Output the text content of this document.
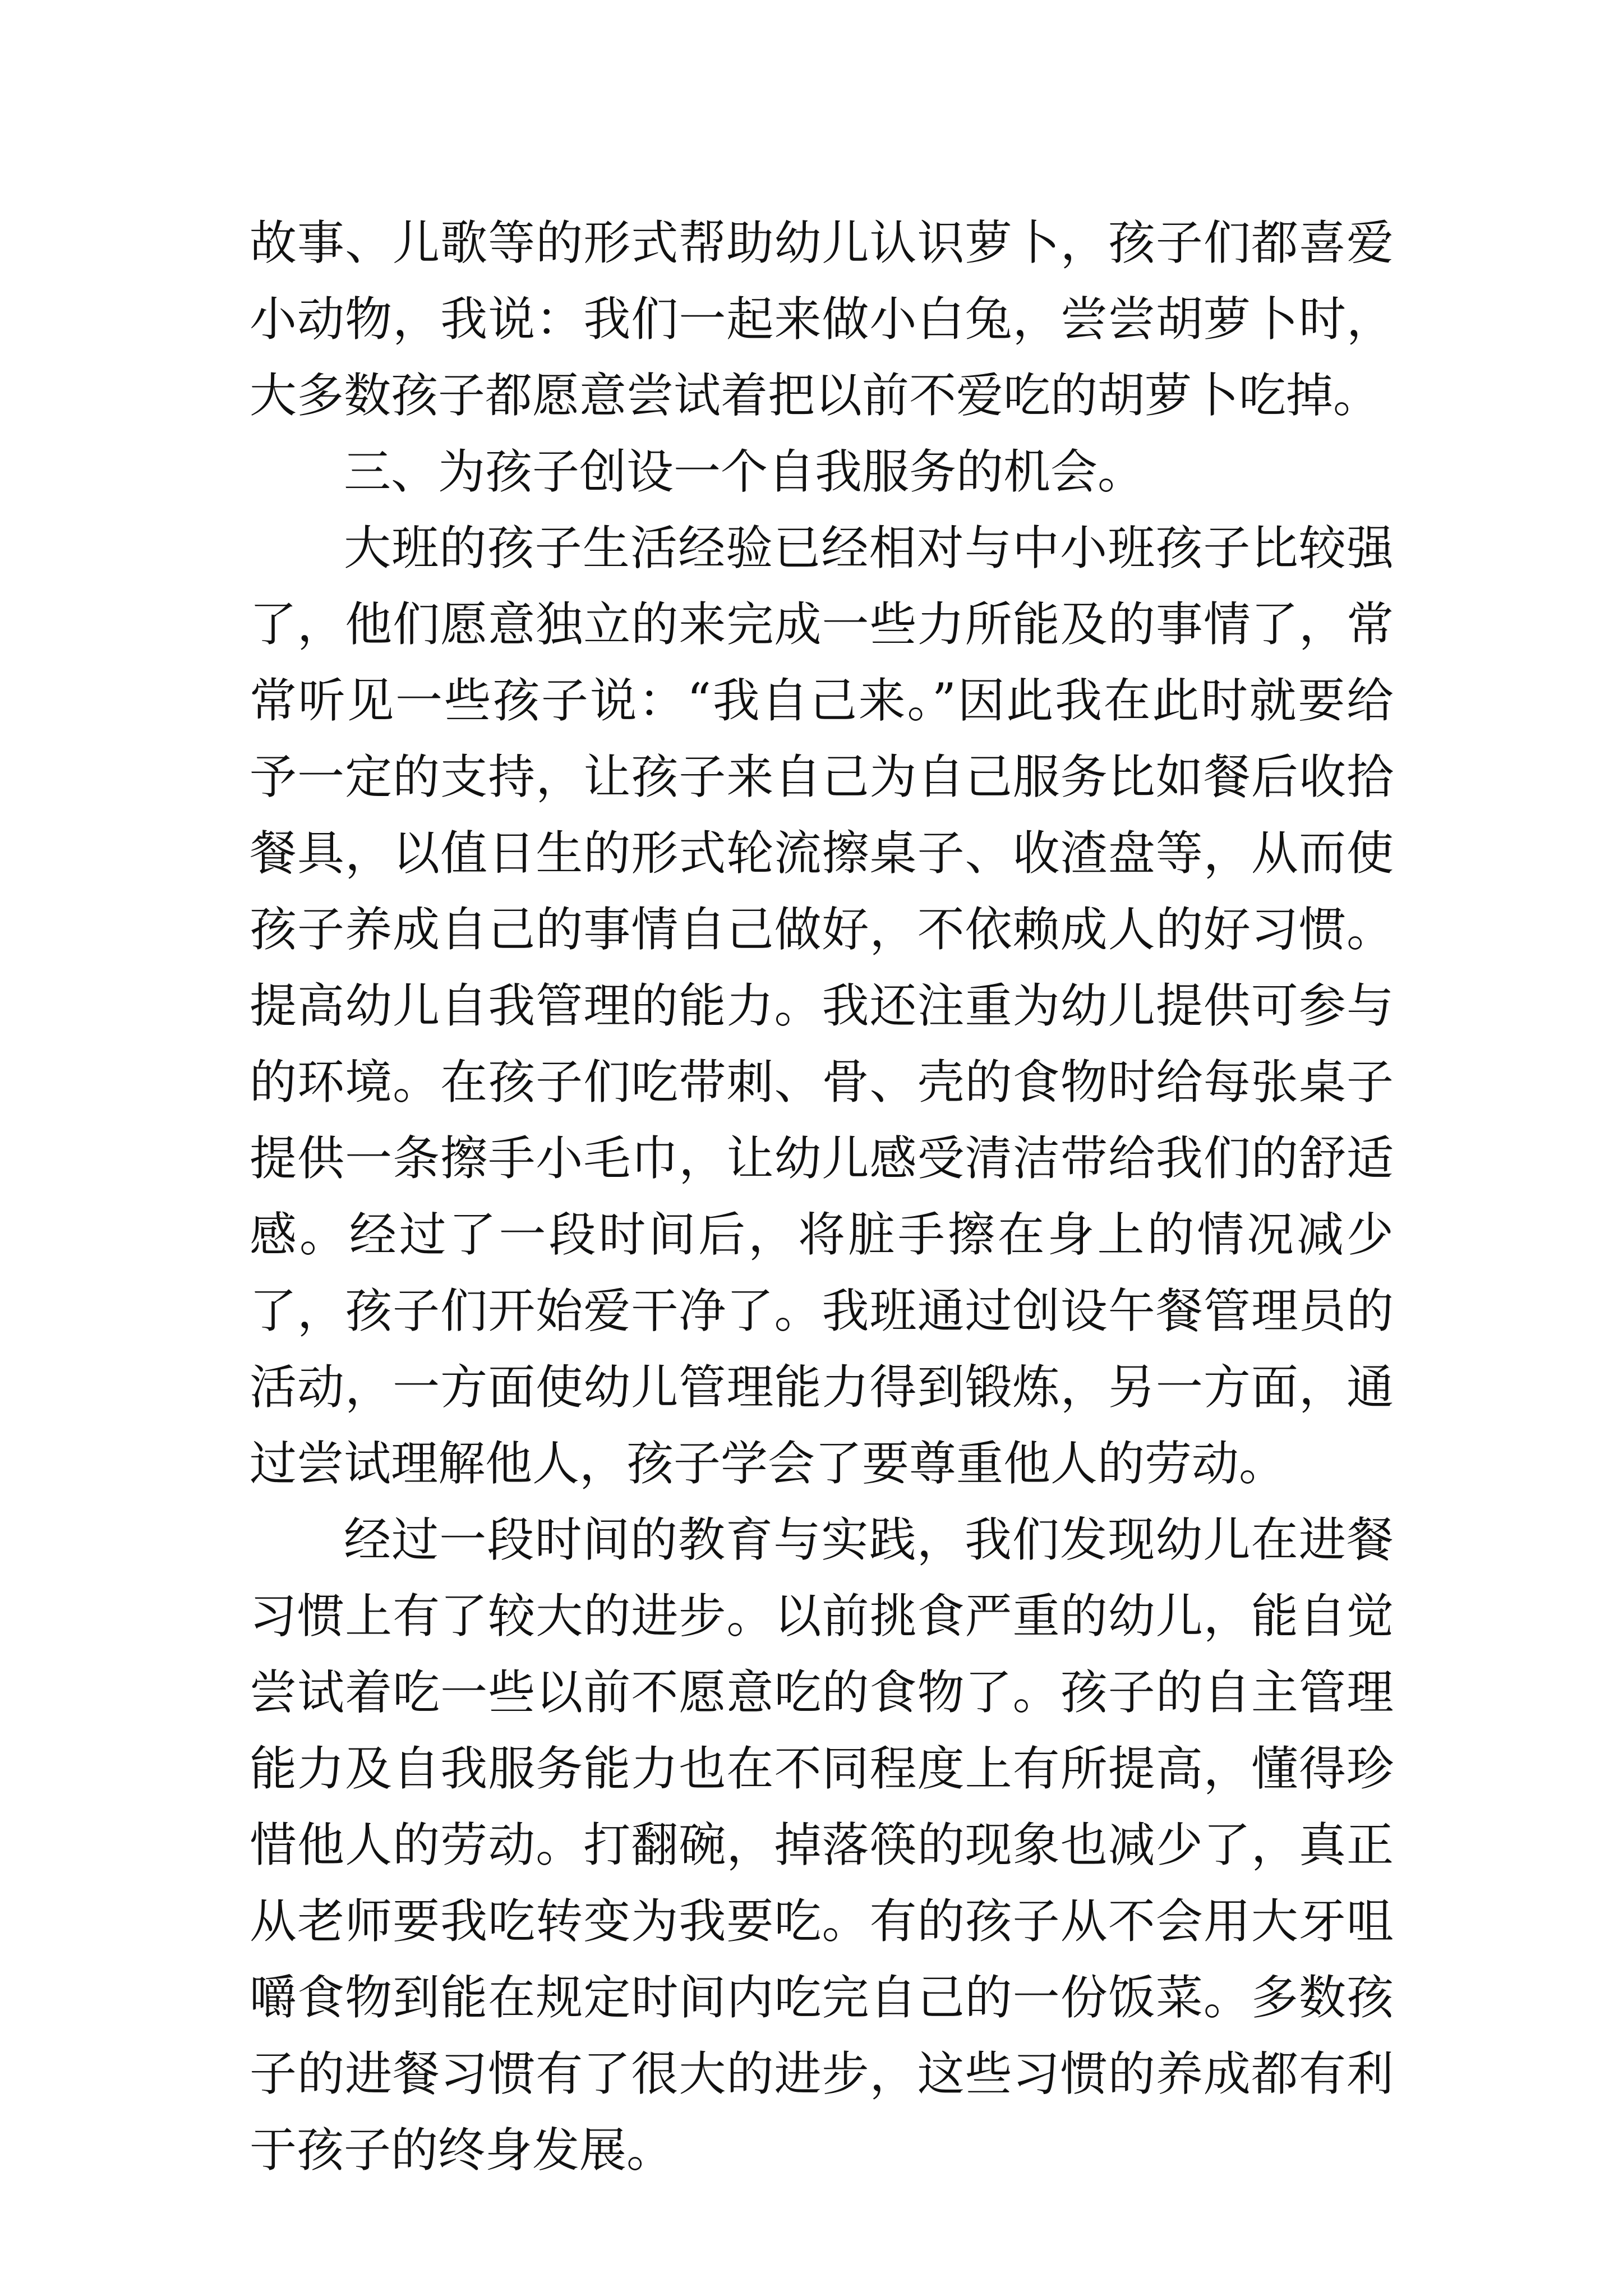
故事、儿歌等的形式帮助幼儿认识萝卜，孩子们都喜爱小动物，我说：我们一起来做小白兔，尝尝胡萝卜时，大多数孩子都愿意尝试着把以前不爱吃的胡萝卜吃掉。

三、为孩子创设一个自我服务的机会。

大班的孩子生活经验已经相对与中小班孩子比较强了，他们愿意独立的来完成一些力所能及的事情了，常常听见一些孩子说：“我自己来。”因此我在此时就要给予一定的支持，让孩子来自己为自己服务比如餐后收拾餐具，以值日生的形式轮流擦桌子、收渣盘等，从而使孩子养成自己的事情自己做好，不依赖成人的好习惯。提高幼儿自我管理的能力。我还注重为幼儿提供可参与的环境。在孩子们吃带刺、骨、壳的食物时给每张桌子提供一条擦手小毛巾，让幼儿感受清洁带给我们的舒适感。经过了一段时间后，将脏手擦在身上的情况减少了，孩子们开始爱干净了。我班通过创设午餐管理员的活动，一方面使幼儿管理能力得到锻炼，另一方面，通过尝试理解他人，孩子学会了要尊重他人的劳动。

经过一段时间的教育与实践，我们发现幼儿在进餐习惯上有了较大的进步。以前挑食严重的幼儿，能自觉尝试着吃一些以前不愿意吃的食物了。孩子的自主管理能力及自我服务能力也在不同程度上有所提高，懂得珍惜他人的劳动。打翻碗，掉落筷的现象也减少了，真正从老师要我吃转变为我要吃。有的孩子从不会用大牙咀嚼食物到能在规定时间内吃完自己的一份饭菜。多数孩子的进餐习惯有了很大的进步，这些习惯的养成都有利于孩子的终身发展。
